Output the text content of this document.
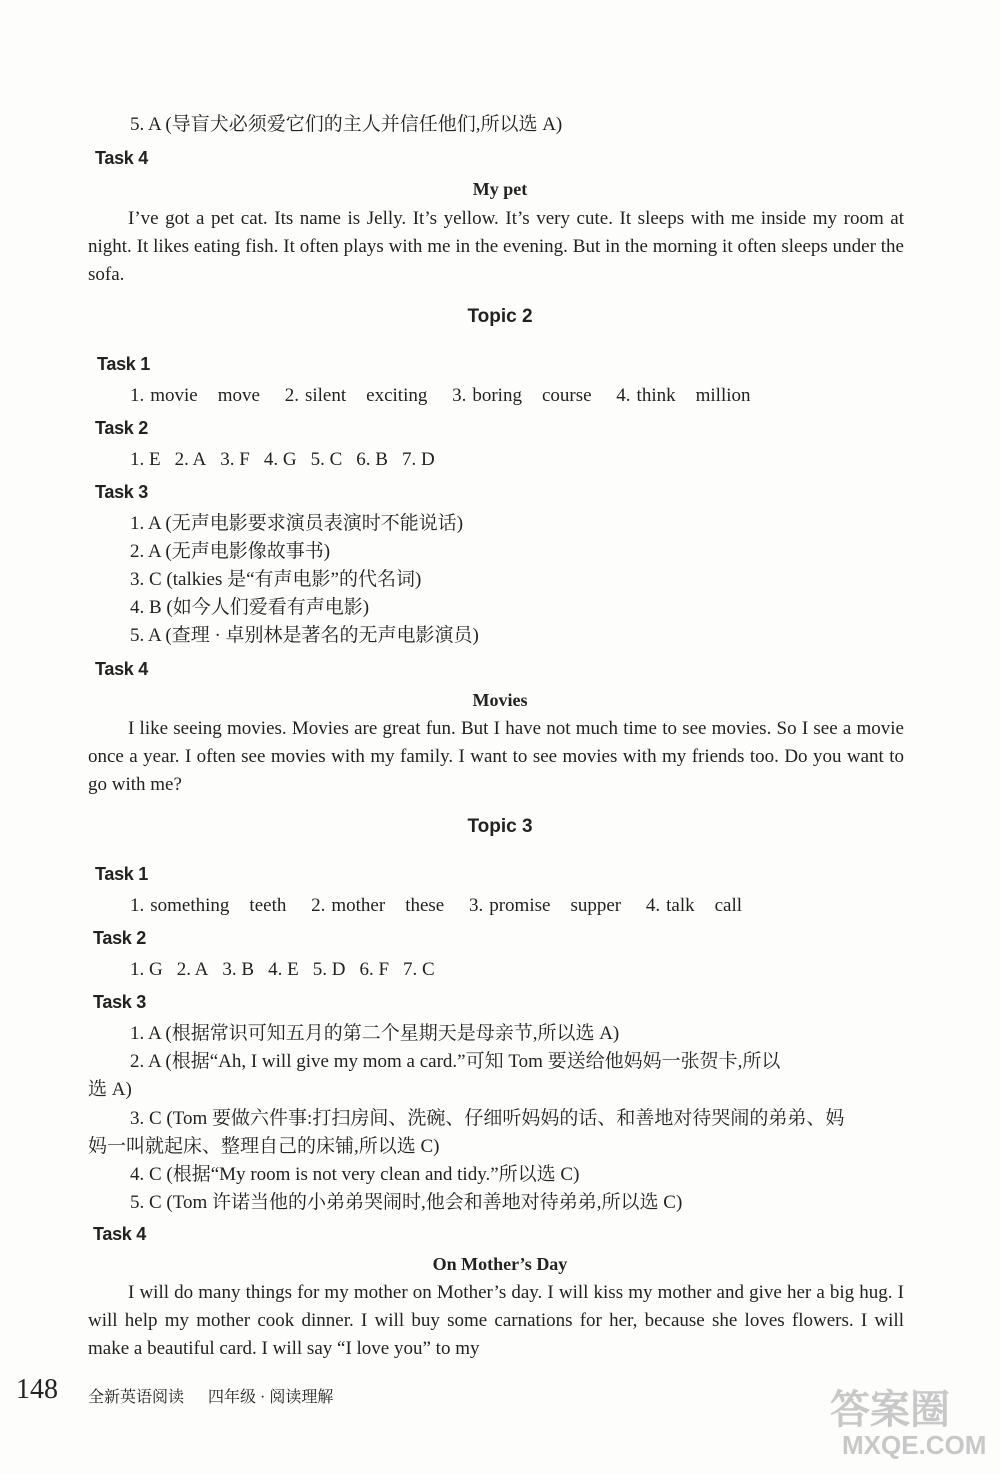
5. A (导盲犬必须爱它们的主人并信任他们,所以选 A)
Task 4
My pet

I’ve got a pet cat. Its name is Jelly. It’s yellow. It’s very cute. It sleeps with me inside my room at night. It likes eating fish. It often plays with me in the evening. But in the morning it often sleeps under the sofa.

Topic 2
Task 1
1. movie move 2. silent exciting 3. boring course 4. think million
Task 2
1. E 2. A 3. F 4. G 5. C 6. B 7. D
Task 3
1. A (无声电影要求演员表演时不能说话)
2. A (无声电影像故事书)
3. C (talkies 是“有声电影”的代名词)
4. B (如今人们爱看有声电影)
5. A (查理 · 卓别林是著名的无声电影演员)
Task 4
Movies

I like seeing movies. Movies are great fun. But I have not much time to see movies. So I see a movie once a year. I often see movies with my family. I want to see movies with my friends too. Do you want to go with me?

Topic 3
Task 1
1. something teeth 2. mother these 3. promise supper 4. talk call
Task 2
1. G 2. A 3. B 4. E 5. D 6. F 7. C
Task 3
1. A (根据常识可知五月的第二个星期天是母亲节,所以选 A)
2. A (根据“Ah, I will give my mom a card.”可知 Tom 要送给他妈妈一张贺卡,所以
选 A)
3. C (Tom 要做六件事:打扫房间、洗碗、仔细听妈妈的话、和善地对待哭闹的弟弟、妈
妈一叫就起床、整理自己的床铺,所以选 C)
4. C (根据“My room is not very clean and tidy.”所以选 C)
5. C (Tom 许诺当他的小弟弟哭闹时,他会和善地对待弟弟,所以选 C)
Task 4
On Mother’s Day

I will do many things for my mother on Mother’s day. I will kiss my mother and give her a big hug. I will help my mother cook dinner. I will buy some carnations for her, because she loves flowers. I will make a beautiful card. I will say “I love you” to my

148 全新英语阅读 四年级 · 阅读理解	答案圈
MXQE.COM
